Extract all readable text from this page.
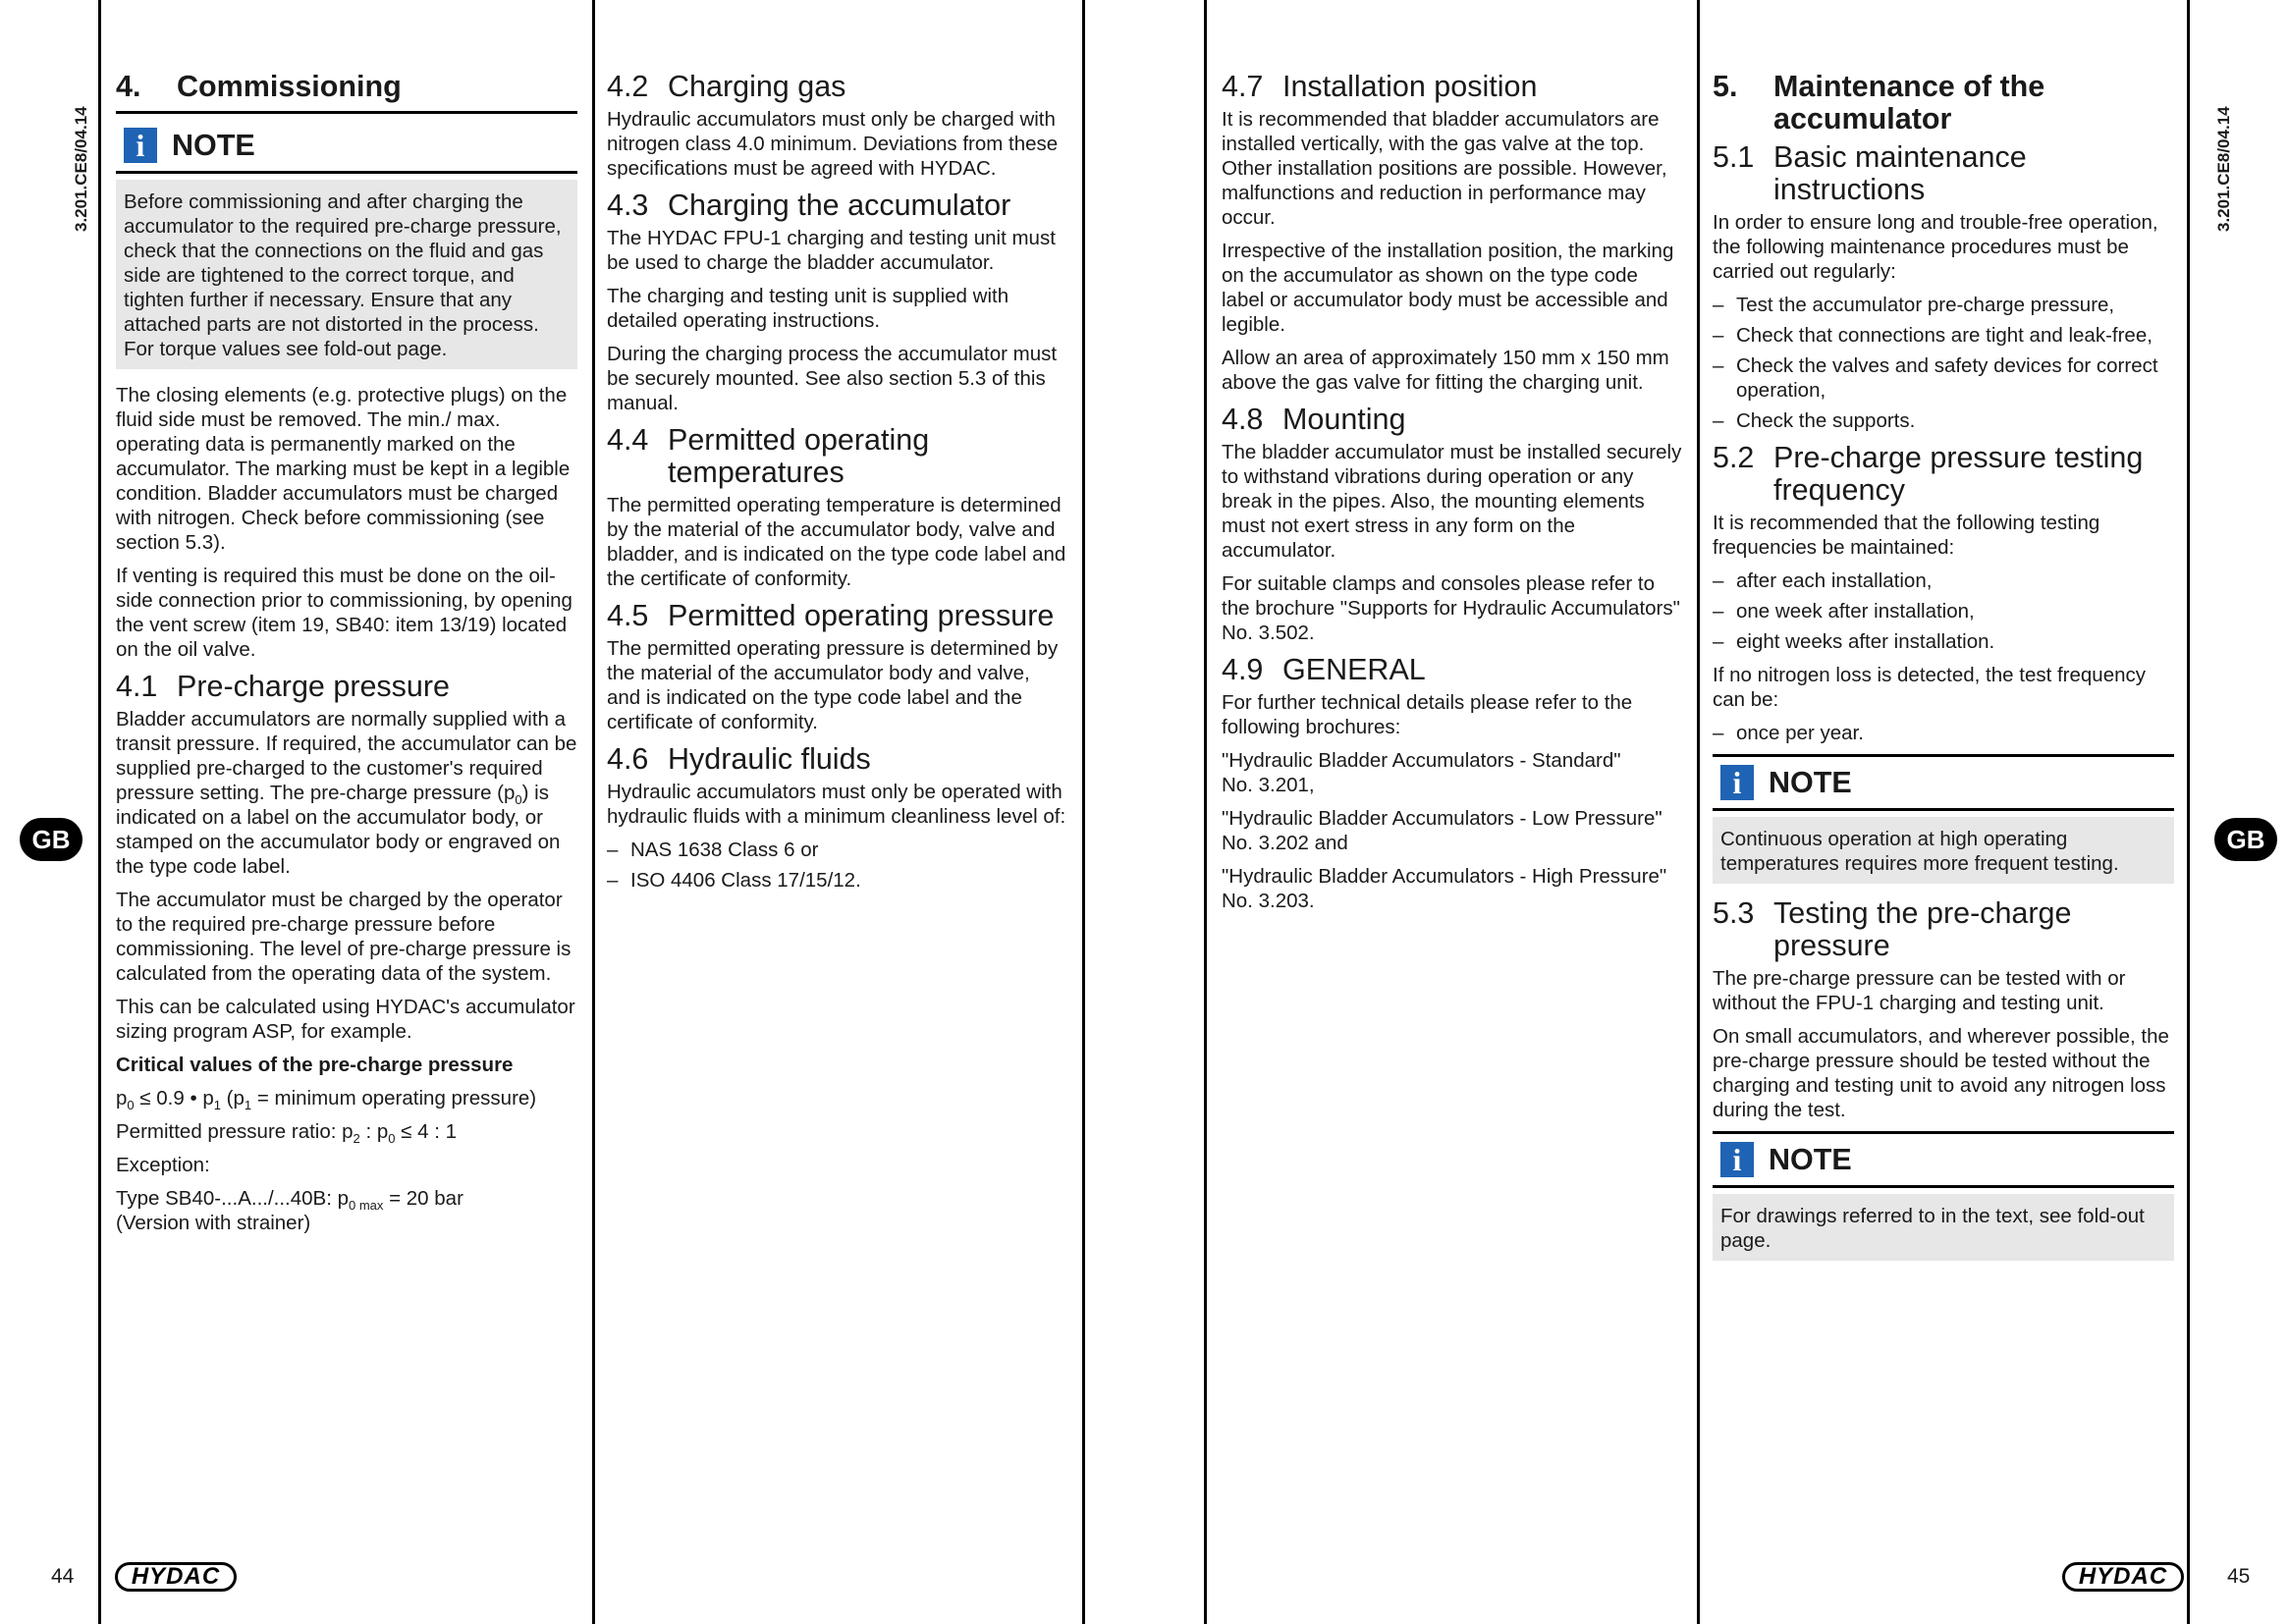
3.201.CE8/04.14	3.201.CE8/04.14
GB	GB
44	45
HYDAC	HYDAC
4.	Commissioning
i NOTE

Before commissioning and after charging the accumulator to the required pre-charge pressure, check that the connections on the fluid and gas side are tightened to the correct torque, and tighten further if necessary. Ensure that any attached parts are not distorted in the process.

For torque values see fold-out page.

The closing elements (e.g. protective plugs) on the fluid side must be removed. The min./ max. operating data is permanently marked on the accumulator. The marking must be kept in a legible condition. Bladder accumulators must be charged with nitrogen. Check before commissioning (see section 5.3).

If venting is required this must be done on the oil-side connection prior to commissioning, by opening the vent screw (item 19, SB40: item 13/19) located on the oil valve.

4.1 Pre-charge pressure

Bladder accumulators are normally supplied with a transit pressure. If required, the accumulator can be supplied pre-charged to the customer's required pressure setting. The pre-charge pressure $(p_0)$ is indicated on a label on the accumulator body, or stamped on the accumulator body or engraved on the type code label.

The accumulator must be charged by the operator to the required pre-charge pressure before commissioning. The level of pre-charge pressure is calculated from the operating data of the system.

This can be calculated using HYDAC's accumulator sizing program ASP, for example.

Critical values of the pre-charge pressure

$p_0 \le 0.9$ • $p_1$ ($p_1$ = minimum operating pressure)

Permitted pressure ratio: $p_2$ : $p_0 \le 4$ : 1

Exception:

Type SB40-...A.../...40B: $p_{0 max} = 20$ bar

(Version with strainer)

4.2 Charging gas

Hydraulic accumulators must only be charged with nitrogen class 4.0 minimum. Deviations from these specifications must be agreed with HYDAC.

4.3 Charging the accumulator

The HYDAC FPU-1 charging and testing unit must be used to charge the bladder accumulator.

The charging and testing unit is supplied with detailed operating instructions.

During the charging process the accumulator must be securely mounted. See also section 5.3 of this manual.

4.4 Permitted operating temperatures

The permitted operating temperature is determined by the material of the accumulator body, valve and bladder, and is indicated on the type code label and the certificate of conformity.

4.5 Permitted operating pressure

The permitted operating pressure is determined by the material of the accumulator body and valve, and is indicated on the type code label and the certificate of conformity.

4.6 Hydraulic fluids

Hydraulic accumulators must only be operated with hydraulic fluids with a minimum cleanliness level of:

– NAS 1638 Class 6 or
– ISO 4406 Class 17/15/12.
4.7 Installation position

It is recommended that bladder accumulators are installed vertically, with the gas valve at the top. Other installation positions are possible. However, malfunctions and reduction in performance may occur.

Irrespective of the installation position, the marking on the accumulator as shown on the type code label or accumulator body must be accessible and legible.

Allow an area of approximately 150 mm x 150 mm above the gas valve for fitting the charging unit.

4.8 Mounting

The bladder accumulator must be installed securely to withstand vibrations during operation or any break in the pipes. Also, the mounting elements must not exert stress in any form on the accumulator.

For suitable clamps and consoles please refer to the brochure "Supports for Hydraulic Accumulators"

No. 3.502.

4.9 GENERAL

For further technical details please refer to the following brochures:

"Hydraulic Bladder Accumulators - Standard"

No. 3.201,

"Hydraulic Bladder Accumulators - Low Pressure"

No. 3.202 and

"Hydraulic Bladder Accumulators - High Pressure"

No. 3.203.

5.	Maintenance of the accumulator
5.1 Basic maintenance instructions

In order to ensure long and trouble-free operation, the following maintenance procedures must be carried out regularly:

– Test the accumulator pre-charge pressure,
– Check that connections are tight and leak-free,
– Check the valves and safety devices for correct operation,
– Check the supports.
5.2 Pre-charge pressure testing frequency

It is recommended that the following testing frequencies be maintained:

– after each installation,
– one week after installation,
– eight weeks after installation.

If no nitrogen loss is detected, the test frequency can be:

– once per year.
i NOTE

Continuous operation at high operating temperatures requires more frequent testing.

5.3 Testing the pre-charge pressure

The pre-charge pressure can be tested with or without the FPU-1 charging and testing unit.

On small accumulators, and wherever possible, the pre-charge pressure should be tested without the charging and testing unit to avoid any nitrogen loss during the test.

i NOTE

For drawings referred to in the text, see fold-out page.
